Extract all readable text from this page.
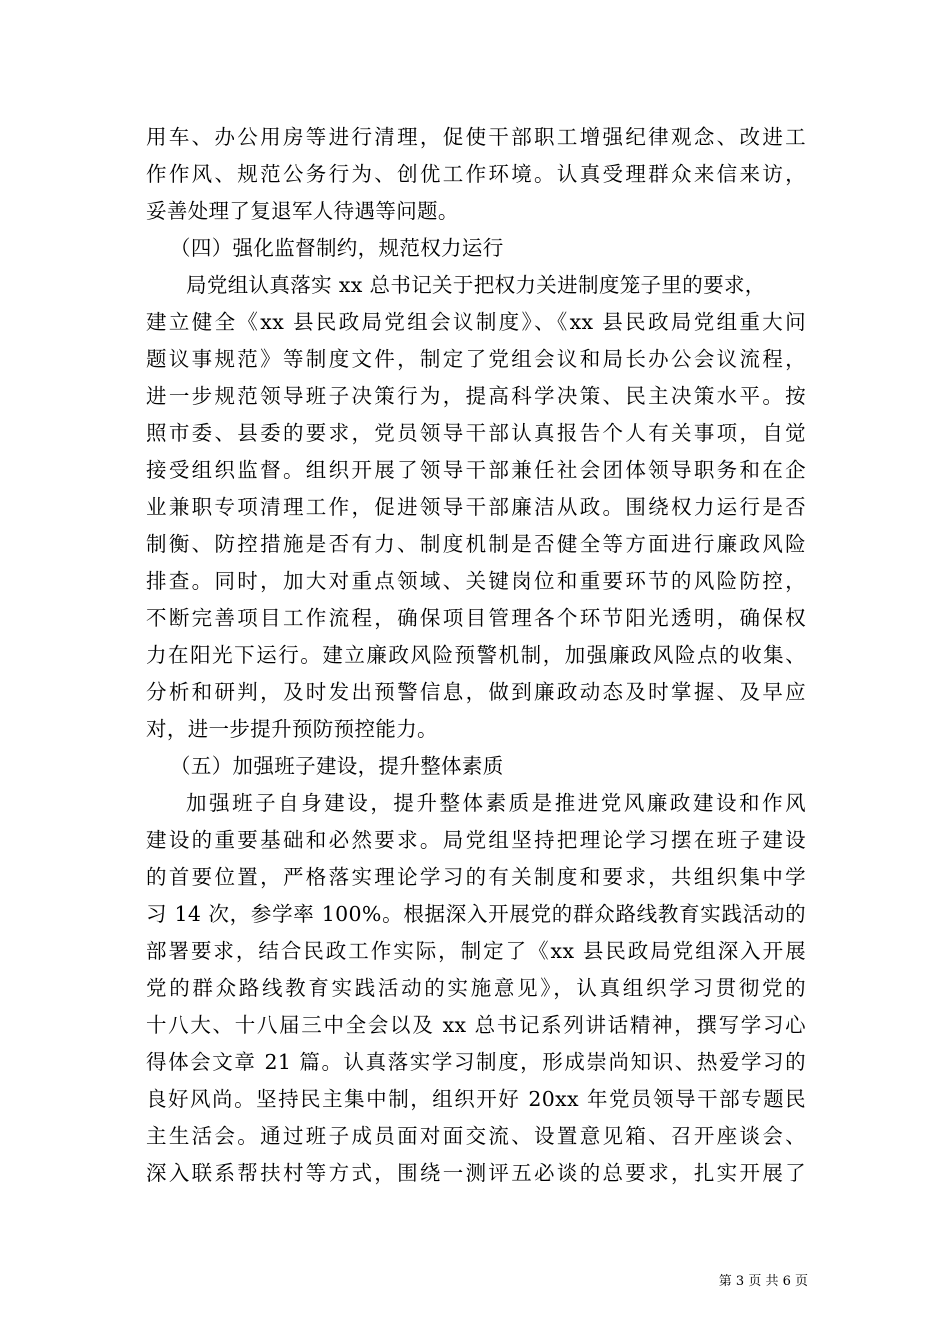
用车、办公用房等进行清理，促使干部职工增强纪律观念、改进工
作作风、规范公务行为、创优工作环境。认真受理群众来信来访，
妥善处理了复退军人待遇等问题。
（四）强化监督制约，规范权力运行
局党组认真落实 xx 总书记关于把权力关进制度笼子里的要求，
建立健全《xx 县民政局党组会议制度》、《xx 县民政局党组重大问
题议事规范》等制度文件，制定了党组会议和局长办公会议流程，
进一步规范领导班子决策行为，提高科学决策、民主决策水平。按
照市委、县委的要求，党员领导干部认真报告个人有关事项，自觉
接受组织监督。组织开展了领导干部兼任社会团体领导职务和在企
业兼职专项清理工作，促进领导干部廉洁从政。围绕权力运行是否
制衡、防控措施是否有力、制度机制是否健全等方面进行廉政风险
排查。同时，加大对重点领域、关键岗位和重要环节的风险防控，
不断完善项目工作流程，确保项目管理各个环节阳光透明，确保权
力在阳光下运行。建立廉政风险预警机制，加强廉政风险点的收集、
分析和研判，及时发出预警信息，做到廉政动态及时掌握、及早应
对，进一步提升预防预控能力。
（五）加强班子建设，提升整体素质
加强班子自身建设，提升整体素质是推进党风廉政建设和作风
建设的重要基础和必然要求。局党组坚持把理论学习摆在班子建设
的首要位置，严格落实理论学习的有关制度和要求，共组织集中学
习 14 次，参学率 100%。根据深入开展党的群众路线教育实践活动的
部署要求，结合民政工作实际，制定了《xx 县民政局党组深入开展
党的群众路线教育实践活动的实施意见》，认真组织学习贯彻党的
十八大、十八届三中全会以及 xx 总书记系列讲话精神，撰写学习心
得体会文章 21 篇。认真落实学习制度，形成崇尚知识、热爱学习的
良好风尚。坚持民主集中制，组织开好 20xx 年党员领导干部专题民
主生活会。通过班子成员面对面交流、设置意见箱、召开座谈会、
深入联系帮扶村等方式，围绕一测评五必谈的总要求，扎实开展了
第 3 页 共 6 页
